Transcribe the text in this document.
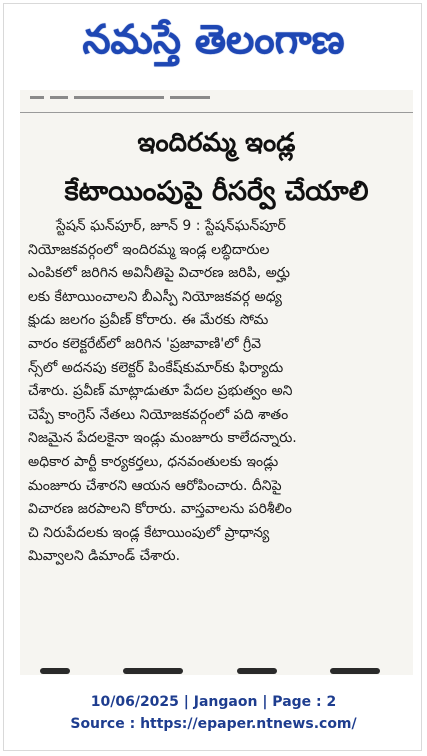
నమస్తే తెలంగాణ
ఇందిరమ్మ ఇండ్ల
కేటాయింపుపై రీసర్వే చేయాలి
స్టేషన్ ఘన్‌పూర్, జూన్ 9 : స్టేషన్‌ఘన్‌పూర్
నియోజకవర్గంలో ఇందిరమ్మ ఇండ్ల లబ్ధిదారుల
ఎంపికలో జరిగిన అవినీతిపై విచారణ జరిపి, అర్హు
లకు కేటాయించాలని బీఎస్పీ నియోజకవర్గ అధ్య
క్షుడు జలగం ప్రవీణ్ కోరారు. ఈ మేరకు సోమ
వారం కలెక్టరేట్‌లో జరిగిన 'ప్రజావాణి'లో గ్రీవె
న్స్‌లో అదనపు కలెక్టర్ పింకేష్‌కుమార్‌కు ఫిర్యాదు
చేశారు. ప్రవీణ్ మాట్లాడుతూ పేదల ప్రభుత్వం అని
చెప్పే కాంగ్రెస్ నేతలు నియోజకవర్గంలో పది శాతం
నిజమైన పేదలకైనా ఇండ్లు మంజూరు కాలేదన్నారు.
అధికార పార్టీ కార్యకర్తలు, ధనవంతులకు ఇండ్లు
మంజూరు చేశారని ఆయన ఆరోపించారు. దీనిపై
విచారణ జరపాలని కోరారు. వాస్తవాలను పరిశీలిం
చి నిరుపేదలకు ఇండ్ల కేటాయింపులో ప్రాధాన్య
మివ్వాలని డిమాండ్ చేశారు.
10/06/2025 | Jangaon | Page : 2
Source : https://epaper.ntnews.com/
